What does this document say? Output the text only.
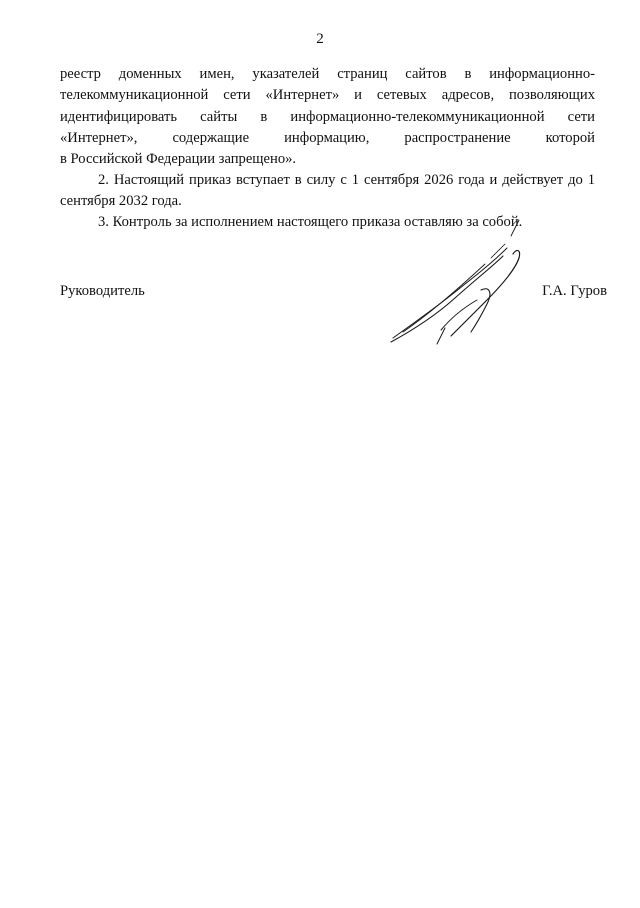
2

реестр доменных имен, указателей страниц сайтов в информационно-

телекоммуникационной сети «Интернет» и сетевых адресов, позволяющих

идентифицировать сайты в информационно-телекоммуникационной сети

«Интернет», содержащие информацию, распространение которой

в Российской Федерации запрещено».

2. Настоящий приказ вступает в силу с 1 сентября 2026 года и действует до 1 сентября 2032 года.

3. Контроль за исполнением настоящего приказа оставляю за собой.

Руководитель	Г.А. Гуров
